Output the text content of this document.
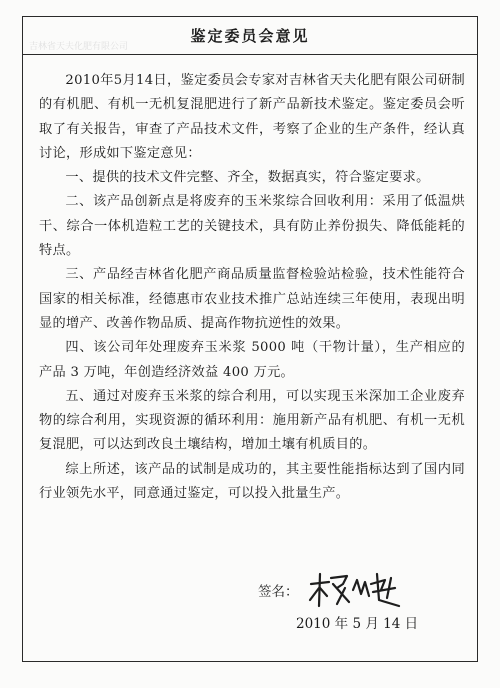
鉴定委员会意见
吉林省天夫化肥有限公司

2010年5月14日，鉴定委员会专家对吉林省天夫化肥有限公司研制的有机肥、有机一无机复混肥进行了新产品新技术鉴定。鉴定委员会听取了有关报告，审查了产品技术文件，考察了企业的生产条件，经认真讨论，形成如下鉴定意见：

一、提供的技术文件完整、齐全，数据真实，符合鉴定要求。

二、该产品创新点是将废弃的玉米浆综合回收利用：采用了低温烘干、综合一体机造粒工艺的关键技术，具有防止养份损失、降低能耗的特点。

三、产品经吉林省化肥产商品质量监督检验站检验，技术性能符合国家的相关标准，经德惠市农业技术推广总站连续三年使用，表现出明显的增产、改善作物品质、提高作物抗逆性的效果。

四、该公司年处理废弃玉米浆 5000 吨（干物计量），生产相应的产品 3 万吨，年创造经济效益 400 万元。

五、通过对废弃玉米浆的综合利用，可以实现玉米深加工企业废弃物的综合利用，实现资源的循环利用：施用新产品有机肥、有机一无机复混肥，可以达到改良土壤结构，增加土壤有机质目的。

综上所述，该产品的试制是成功的，其主要性能指标达到了国内同行业领先水平，同意通过鉴定，可以投入批量生产。

签名：
2010 年 5 月 14 日
